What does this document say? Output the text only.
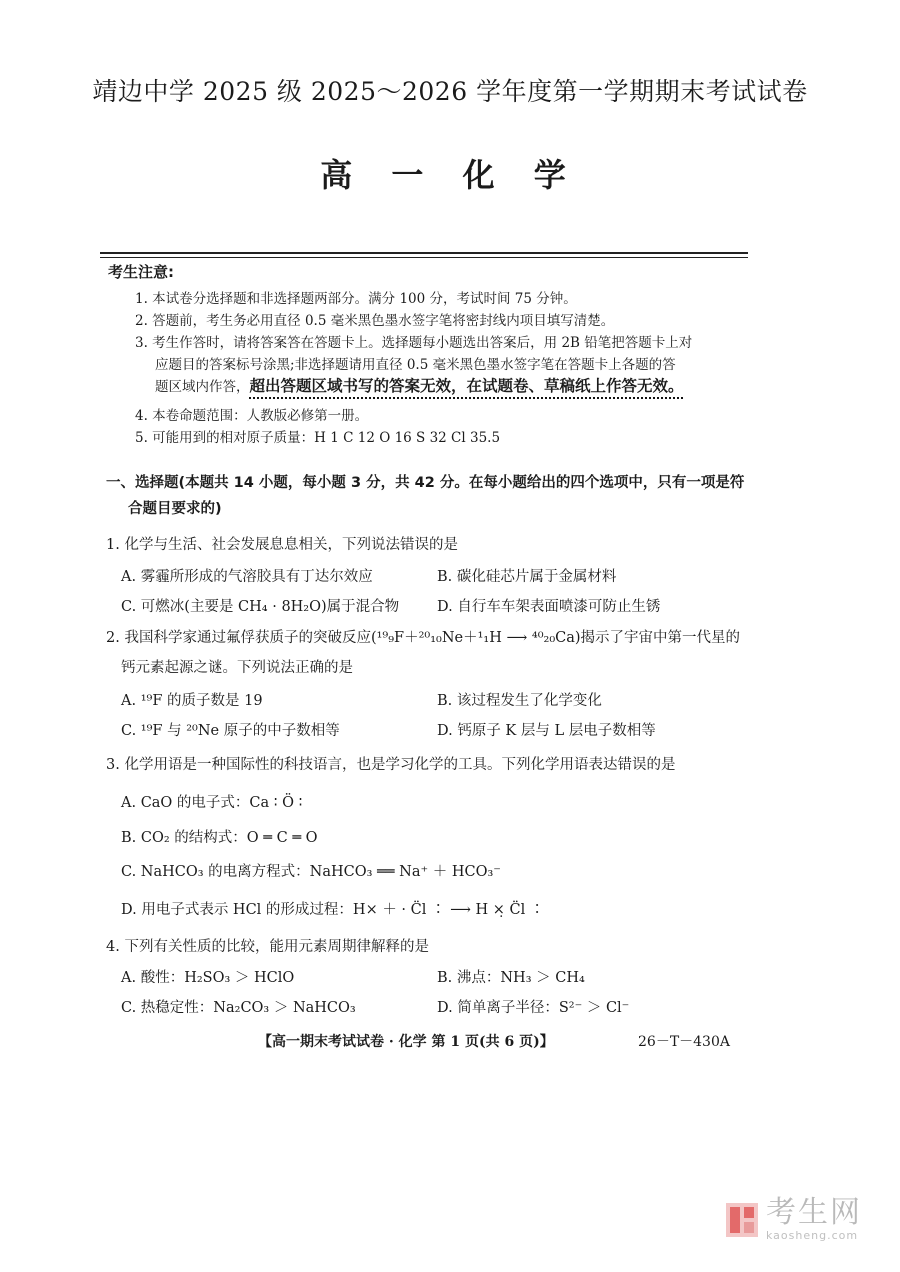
靖边中学 2025 级 2025～2026 学年度第一学期期末考试试卷
高 一 化 学
考生注意:
1. 本试卷分选择题和非选择题两部分。满分 100 分，考试时间 75 分钟。
2. 答题前，考生务必用直径 0.5 毫米黑色墨水签字笔将密封线内项目填写清楚。
3. 考生作答时，请将答案答在答题卡上。选择题每小题选出答案后，用 2B 铅笔把答题卡上对
应题目的答案标号涂黑;非选择题请用直径 0.5 毫米黑色墨水签字笔在答题卡上各题的答
题区域内作答，超出答题区域书写的答案无效，在试题卷、草稿纸上作答无效。
4. 本卷命题范围：人教版必修第一册。
5. 可能用到的相对原子质量：H 1 C 12 O 16 S 32 Cl 35.5
一、选择题(本题共 14 小题，每小题 3 分，共 42 分。在每小题给出的四个选项中，只有一项是符
合题目要求的)
1. 化学与生活、社会发展息息相关，下列说法错误的是
A. 雾霾所形成的气溶胶具有丁达尔效应	B. 碳化硅芯片属于金属材料
C. 可燃冰(主要是 CH₄ · 8H₂O)属于混合物	D. 自行车车架表面喷漆可防止生锈
2. 我国科学家通过氟俘获质子的突破反应(¹⁹₉F＋²⁰₁₀Ne＋¹₁H ⟶ ⁴⁰₂₀Ca)揭示了宇宙中第一代星的
钙元素起源之谜。下列说法正确的是
A. ¹⁹F 的质子数是 19	B. 该过程发生了化学变化
C. ¹⁹F 与 ²⁰Ne 原子的中子数相等	D. 钙原子 K 层与 L 层电子数相等
3. 化学用语是一种国际性的科技语言，也是学习化学的工具。下列化学用语表达错误的是
A. CaO 的电子式：Ca ∶ Ö ∶
B. CO₂ 的结构式：O ═ C ═ O
C. NaHCO₃ 的电离方程式：NaHCO₃ ══ Na⁺ ＋ HCO₃⁻
D. 用电子式表示 HCl 的形成过程：H× ＋ · C̈l ∶ ⟶ H ×̣ C̈l ∶
4. 下列有关性质的比较，能用元素周期律解释的是
A. 酸性：H₂SO₃ ＞ HClO	B. 沸点：NH₃ ＞ CH₄
C. 热稳定性：Na₂CO₃ ＞ NaHCO₃	D. 简单离子半径：S²⁻ ＞ Cl⁻
【高一期末考试试卷 · 化学 第 1 页(共 6 页)】	26－T－430A
考生网
kaosheng.com
